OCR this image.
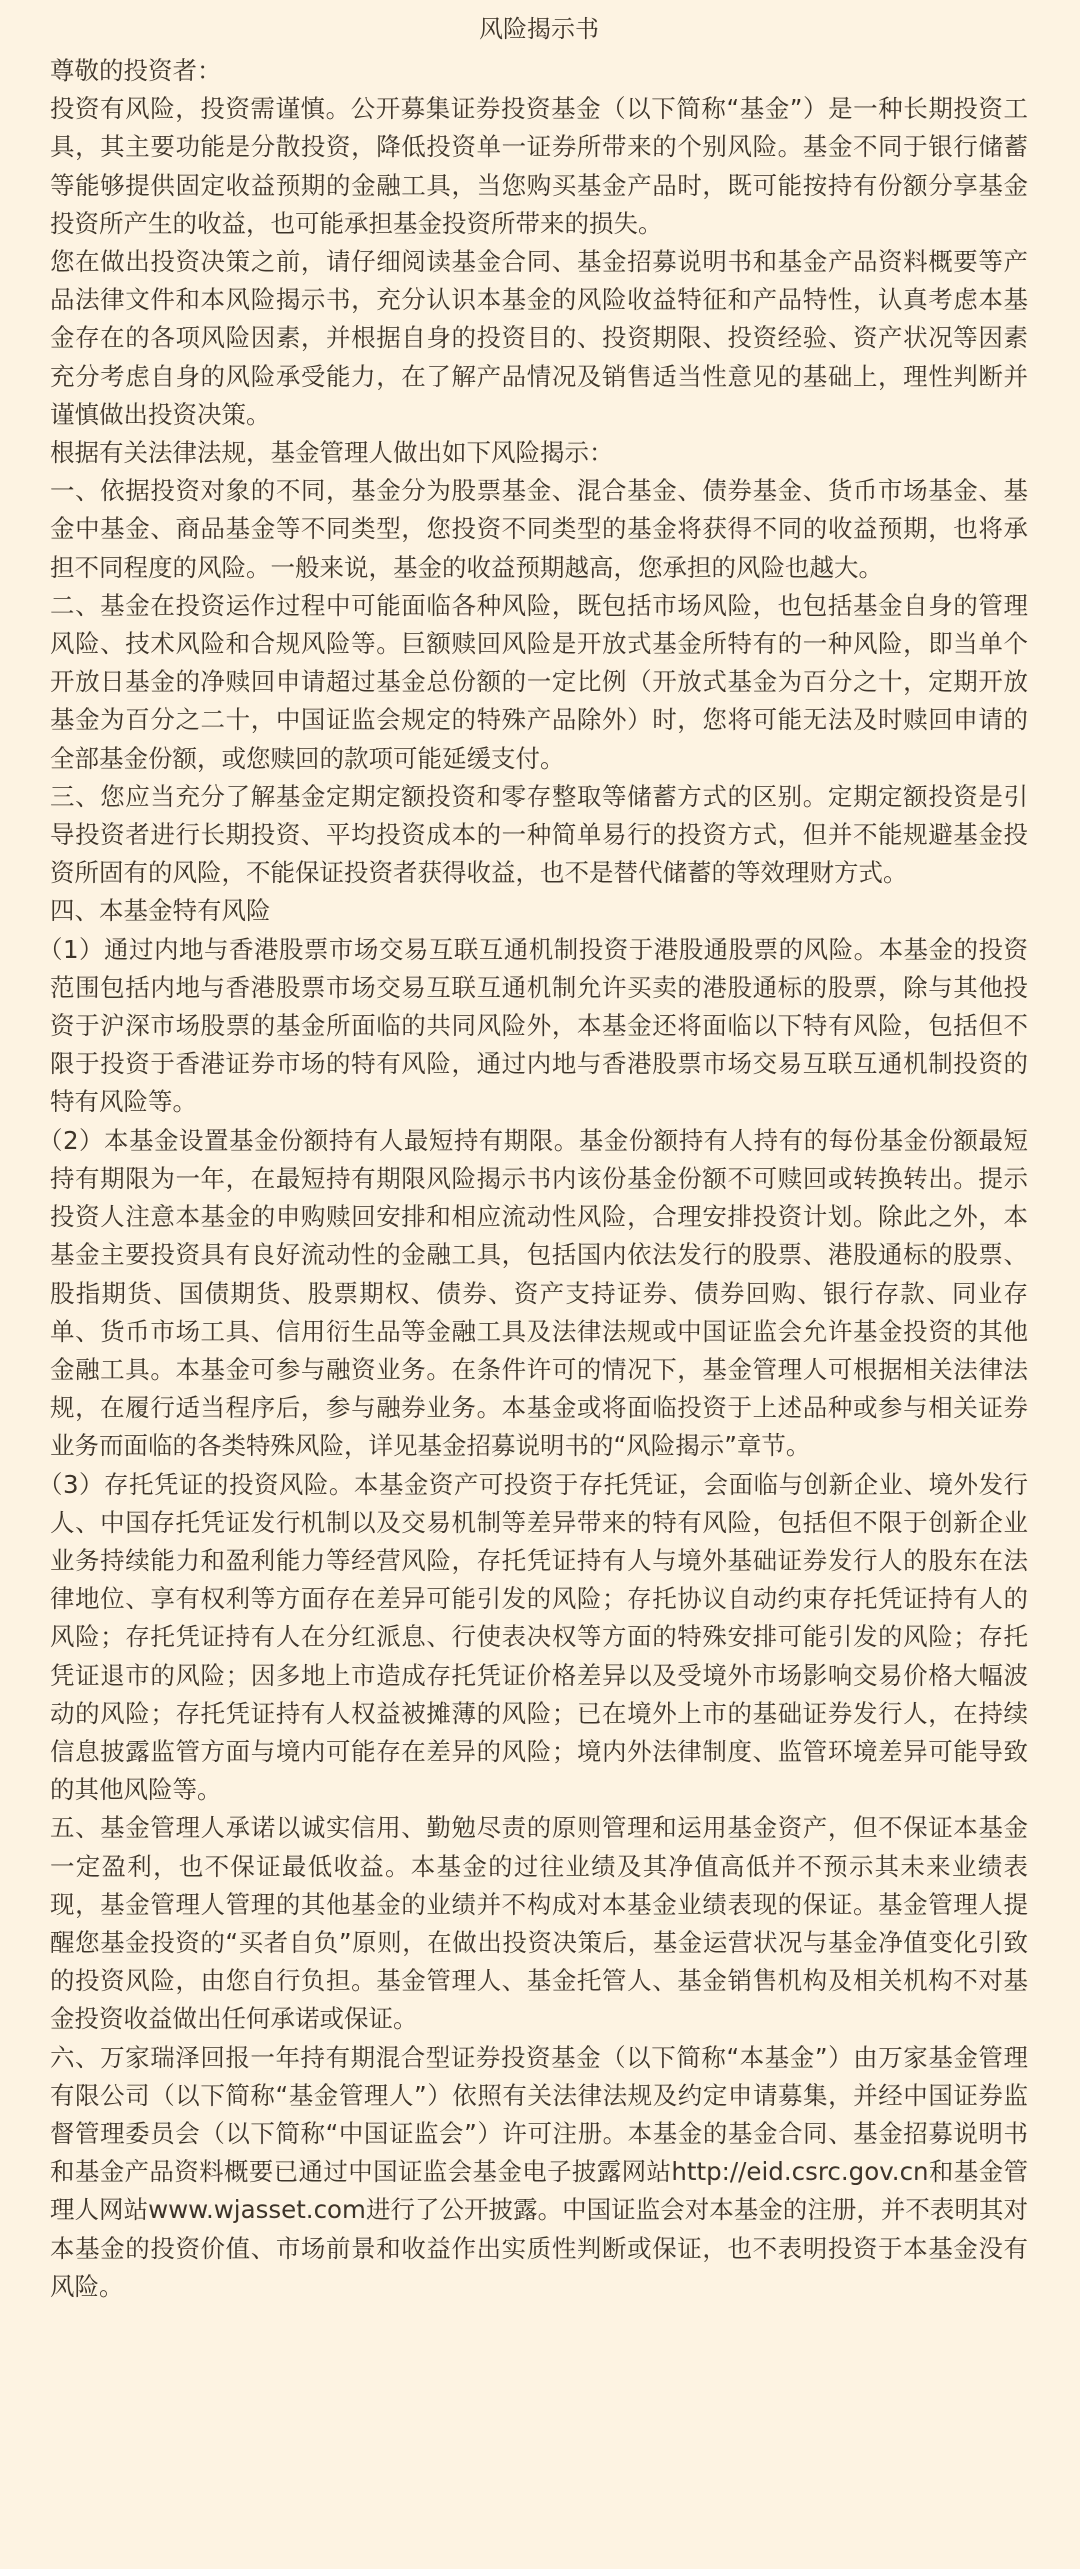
风险揭示书

尊敬的投资者：

投资有风险，投资需谨慎。公开募集证券投资基金（以下简称“基金”）是一种长期投资工具，其主要功能是分散投资，降低投资单一证券所带来的个别风险。基金不同于银行储蓄等能够提供固定收益预期的金融工具，当您购买基金产品时，既可能按持有份额分享基金投资所产生的收益，也可能承担基金投资所带来的损失。

您在做出投资决策之前，请仔细阅读基金合同、基金招募说明书和基金产品资料概要等产品法律文件和本风险揭示书，充分认识本基金的风险收益特征和产品特性，认真考虑本基金存在的各项风险因素，并根据自身的投资目的、投资期限、投资经验、资产状况等因素充分考虑自身的风险承受能力，在了解产品情况及销售适当性意见的基础上，理性判断并谨慎做出投资决策。

根据有关法律法规，基金管理人做出如下风险揭示：

一、依据投资对象的不同，基金分为股票基金、混合基金、债券基金、货币市场基金、基金中基金、商品基金等不同类型，您投资不同类型的基金将获得不同的收益预期，也将承担不同程度的风险。一般来说，基金的收益预期越高，您承担的风险也越大。

二、基金在投资运作过程中可能面临各种风险，既包括市场风险，也包括基金自身的管理风险、技术风险和合规风险等。巨额赎回风险是开放式基金所特有的一种风险，即当单个开放日基金的净赎回申请超过基金总份额的一定比例（开放式基金为百分之十，定期开放基金为百分之二十，中国证监会规定的特殊产品除外）时，您将可能无法及时赎回申请的全部基金份额，或您赎回的款项可能延缓支付。

三、您应当充分了解基金定期定额投资和零存整取等储蓄方式的区别。定期定额投资是引导投资者进行长期投资、平均投资成本的一种简单易行的投资方式，但并不能规避基金投资所固有的风险，不能保证投资者获得收益，也不是替代储蓄的等效理财方式。

四、本基金特有风险

（1）通过内地与香港股票市场交易互联互通机制投资于港股通股票的风险。本基金的投资范围包括内地与香港股票市场交易互联互通机制允许买卖的港股通标的股票，除与其他投资于沪深市场股票的基金所面临的共同风险外，本基金还将面临以下特有风险，包括但不限于投资于香港证券市场的特有风险，通过内地与香港股票市场交易互联互通机制投资的特有风险等。

（2）本基金设置基金份额持有人最短持有期限。基金份额持有人持有的每份基金份额最短持有期限为一年，在最短持有期限风险揭示书内该份基金份额不可赎回或转换转出。提示投资人注意本基金的申购赎回安排和相应流动性风险，合理安排投资计划。除此之外，本基金主要投资具有良好流动性的金融工具，包括国内依法发行的股票、港股通标的股票、股指期货、国债期货、股票期权、债券、资产支持证券、债券回购、银行存款、同业存单、货币市场工具、信用衍生品等金融工具及法律法规或中国证监会允许基金投资的其他金融工具。本基金可参与融资业务。在条件许可的情况下，基金管理人可根据相关法律法规，在履行适当程序后，参与融券业务。本基金或将面临投资于上述品种或参与相关证券业务而面临的各类特殊风险，详见基金招募说明书的“风险揭示”章节。

（3）存托凭证的投资风险。本基金资产可投资于存托凭证，会面临与创新企业、境外发行人、中国存托凭证发行机制以及交易机制等差异带来的特有风险，包括但不限于创新企业业务持续能力和盈利能力等经营风险，存托凭证持有人与境外基础证券发行人的股东在法律地位、享有权利等方面存在差异可能引发的风险；存托协议自动约束存托凭证持有人的风险；存托凭证持有人在分红派息、行使表决权等方面的特殊安排可能引发的风险；存托凭证退市的风险；因多地上市造成存托凭证价格差异以及受境外市场影响交易价格大幅波动的风险；存托凭证持有人权益被摊薄的风险；已在境外上市的基础证券发行人，在持续信息披露监管方面与境内可能存在差异的风险；境内外法律制度、监管环境差异可能导致的其他风险等。

五、基金管理人承诺以诚实信用、勤勉尽责的原则管理和运用基金资产，但不保证本基金一定盈利，也不保证最低收益。本基金的过往业绩及其净值高低并不预示其未来业绩表现，基金管理人管理的其他基金的业绩并不构成对本基金业绩表现的保证。基金管理人提醒您基金投资的“买者自负”原则，在做出投资决策后，基金运营状况与基金净值变化引致的投资风险，由您自行负担。基金管理人、基金托管人、基金销售机构及相关机构不对基金投资收益做出任何承诺或保证。

六、万家瑞泽回报一年持有期混合型证券投资基金（以下简称“本基金”）由万家基金管理有限公司（以下简称“基金管理人”）依照有关法律法规及约定申请募集，并经中国证券监督管理委员会（以下简称“中国证监会”）许可注册。本基金的基金合同、基金招募说明书和基金产品资料概要已通过中国证监会基金电子披露网站http://eid.csrc.gov.cn和基金管理人网站www.wjasset.com进行了公开披露。中国证监会对本基金的注册，并不表明其对本基金的投资价值、市场前景和收益作出实质性判断或保证，也不表明投资于本基金没有风险。
